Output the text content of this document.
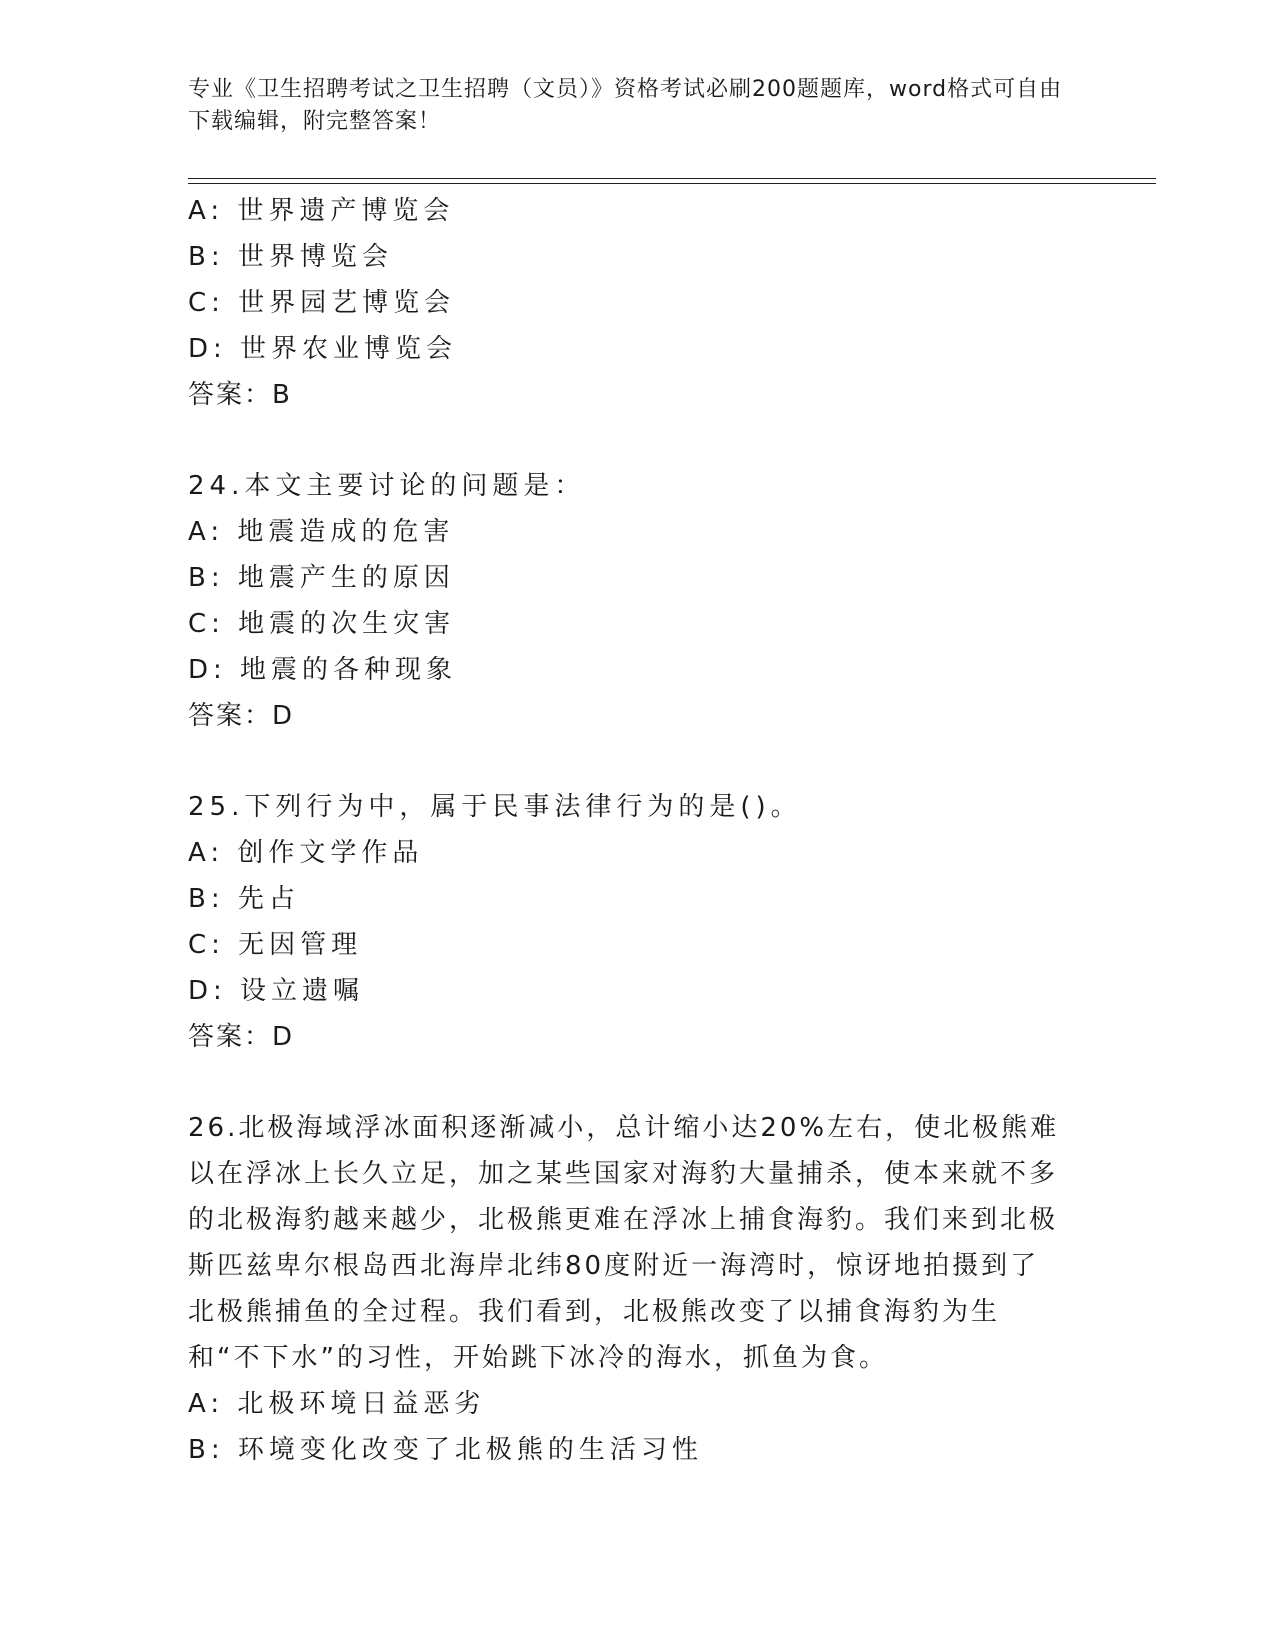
专业《卫生招聘考试之卫生招聘（文员）》资格考试必刷200题题库，word格式可自由下载编辑，附完整答案！
A: 世界遗产博览会
B: 世界博览会
C: 世界园艺博览会
D: 世界农业博览会
答案：B
24.本文主要讨论的问题是：
A: 地震造成的危害
B: 地震产生的原因
C: 地震的次生灾害
D: 地震的各种现象
答案：D
25.下列行为中，属于民事法律行为的是()。
A: 创作文学作品
B: 先占
C: 无因管理
D: 设立遗嘱
答案：D
26.北极海域浮冰面积逐渐减小，总计缩小达20%左右，使北极熊难以在浮冰上长久立足，加之某些国家对海豹大量捕杀，使本来就不多的北极海豹越来越少，北极熊更难在浮冰上捕食海豹。我们来到北极斯匹兹卑尔根岛西北海岸北纬80度附近一海湾时，惊讶地拍摄到了北极熊捕鱼的全过程。我们看到，北极熊改变了以捕食海豹为生和“不下水”的习性，开始跳下冰冷的海水，抓鱼为食。
A: 北极环境日益恶劣
B: 环境变化改变了北极熊的生活习性
